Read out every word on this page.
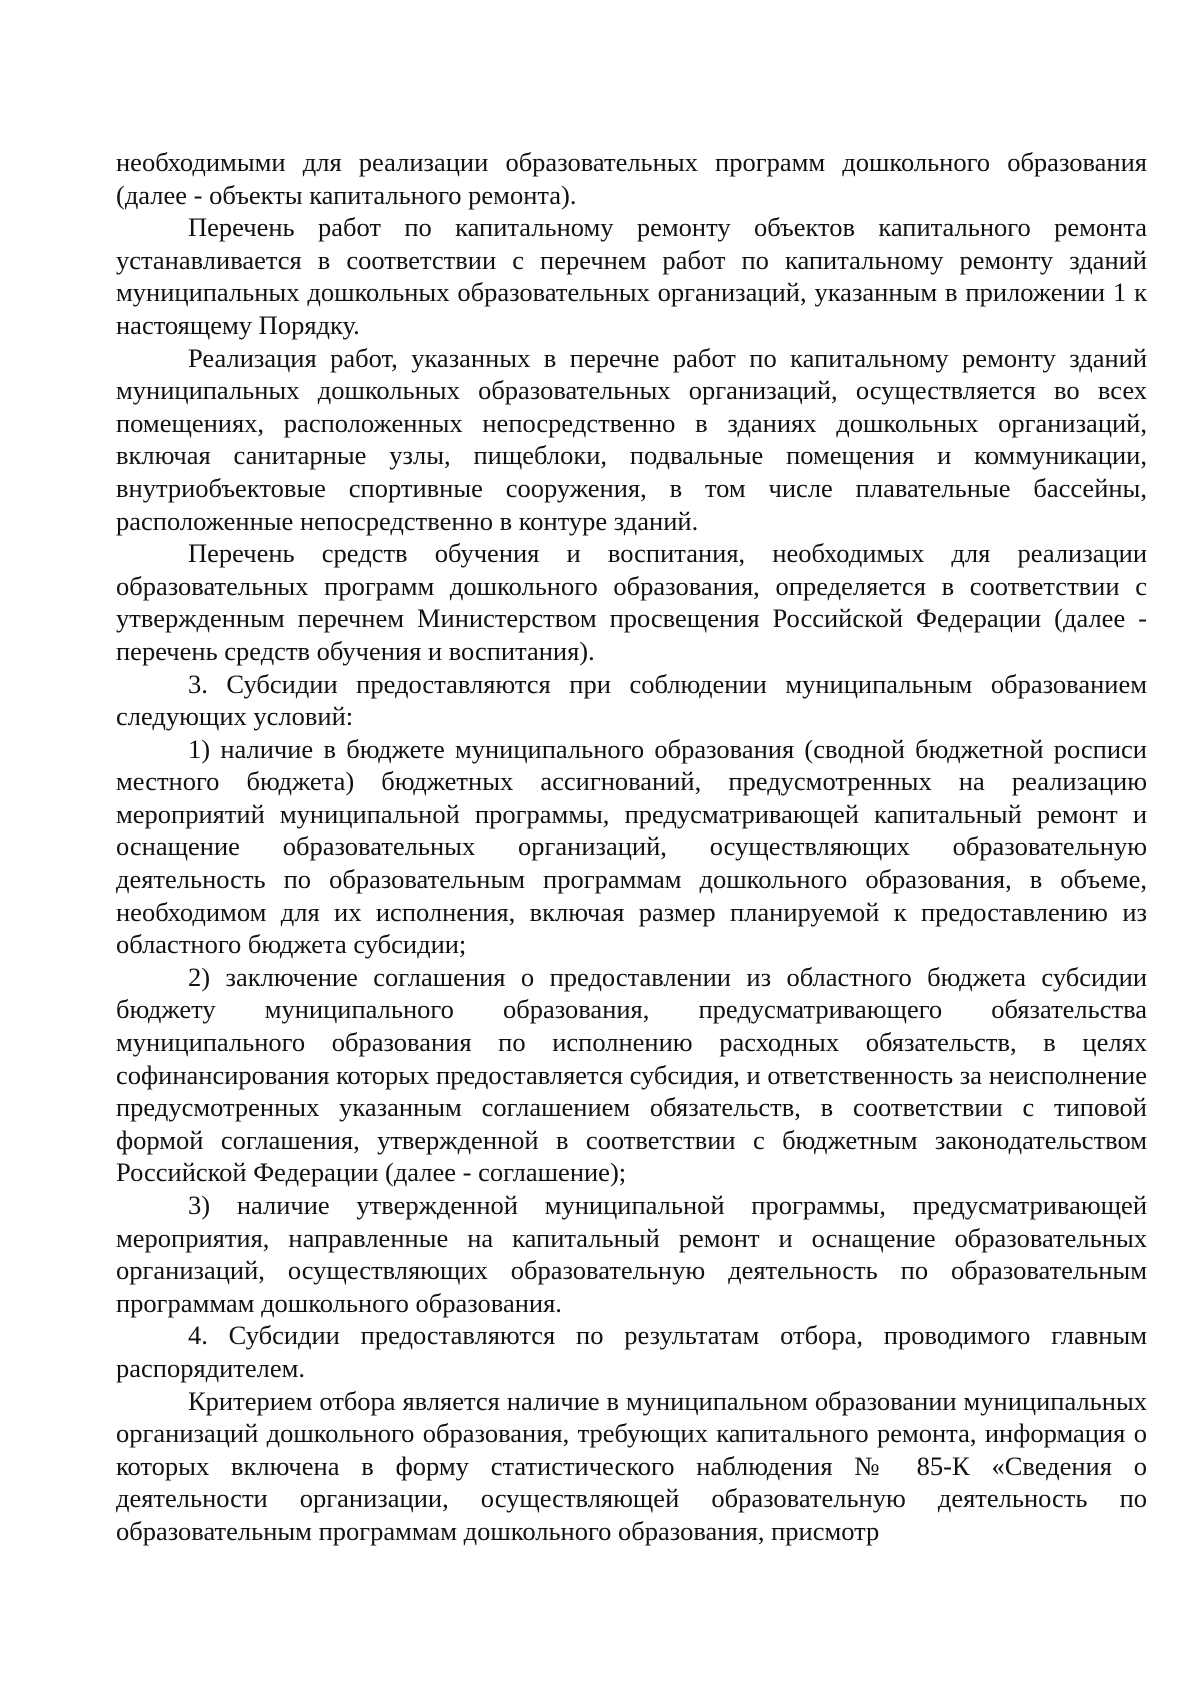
необходимыми для реализации образовательных программ дошкольного образования (далее - объекты капитального ремонта).

Перечень работ по капитальному ремонту объектов капитального ремонта устанавливается в соответствии с перечнем работ по капитальному ремонту зданий муниципальных дошкольных образовательных организаций, указанным в приложении 1 к настоящему Порядку.

Реализация работ, указанных в перечне работ по капитальному ремонту зданий муниципальных дошкольных образовательных организаций, осуществляется во всех помещениях, расположенных непосредственно в зданиях дошкольных организаций, включая санитарные узлы, пищеблоки, подвальные помещения и коммуникации, внутриобъектовые спортивные сооружения, в том числе плавательные бассейны, расположенные непосредственно в контуре зданий.

Перечень средств обучения и воспитания, необходимых для реализации образовательных программ дошкольного образования, определяется в соответствии с утвержденным перечнем Министерством просвещения Российской Федерации (далее - перечень средств обучения и воспитания).

3. Субсидии предоставляются при соблюдении муниципальным образованием следующих условий:

1) наличие в бюджете муниципального образования (сводной бюджетной росписи местного бюджета) бюджетных ассигнований, предусмотренных на реализацию мероприятий муниципальной программы, предусматривающей капитальный ремонт и оснащение образовательных организаций, осуществляющих образовательную деятельность по образовательным программам дошкольного образования, в объеме, необходимом для их исполнения, включая размер планируемой к предоставлению из областного бюджета субсидии;

2) заключение соглашения о предоставлении из областного бюджета субсидии бюджету муниципального образования, предусматривающего обязательства муниципального образования по исполнению расходных обязательств, в целях софинансирования которых предоставляется субсидия, и ответственность за неисполнение предусмотренных указанным соглашением обязательств, в соответствии с типовой формой соглашения, утвержденной в соответствии с бюджетным законодательством Российской Федерации (далее - соглашение);

3) наличие утвержденной муниципальной программы, предусматривающей мероприятия, направленные на капитальный ремонт и оснащение образовательных организаций, осуществляющих образовательную деятельность по образовательным программам дошкольного образования.

4. Субсидии предоставляются по результатам отбора, проводимого главным распорядителем.

Критерием отбора является наличие в муниципальном образовании муниципальных организаций дошкольного образования, требующих капитального ремонта, информация о которых включена в форму статистического наблюдения № 85-К «Сведения о деятельности организации, осуществляющей образовательную деятельность по образовательным программам дошкольного образования, присмотр
